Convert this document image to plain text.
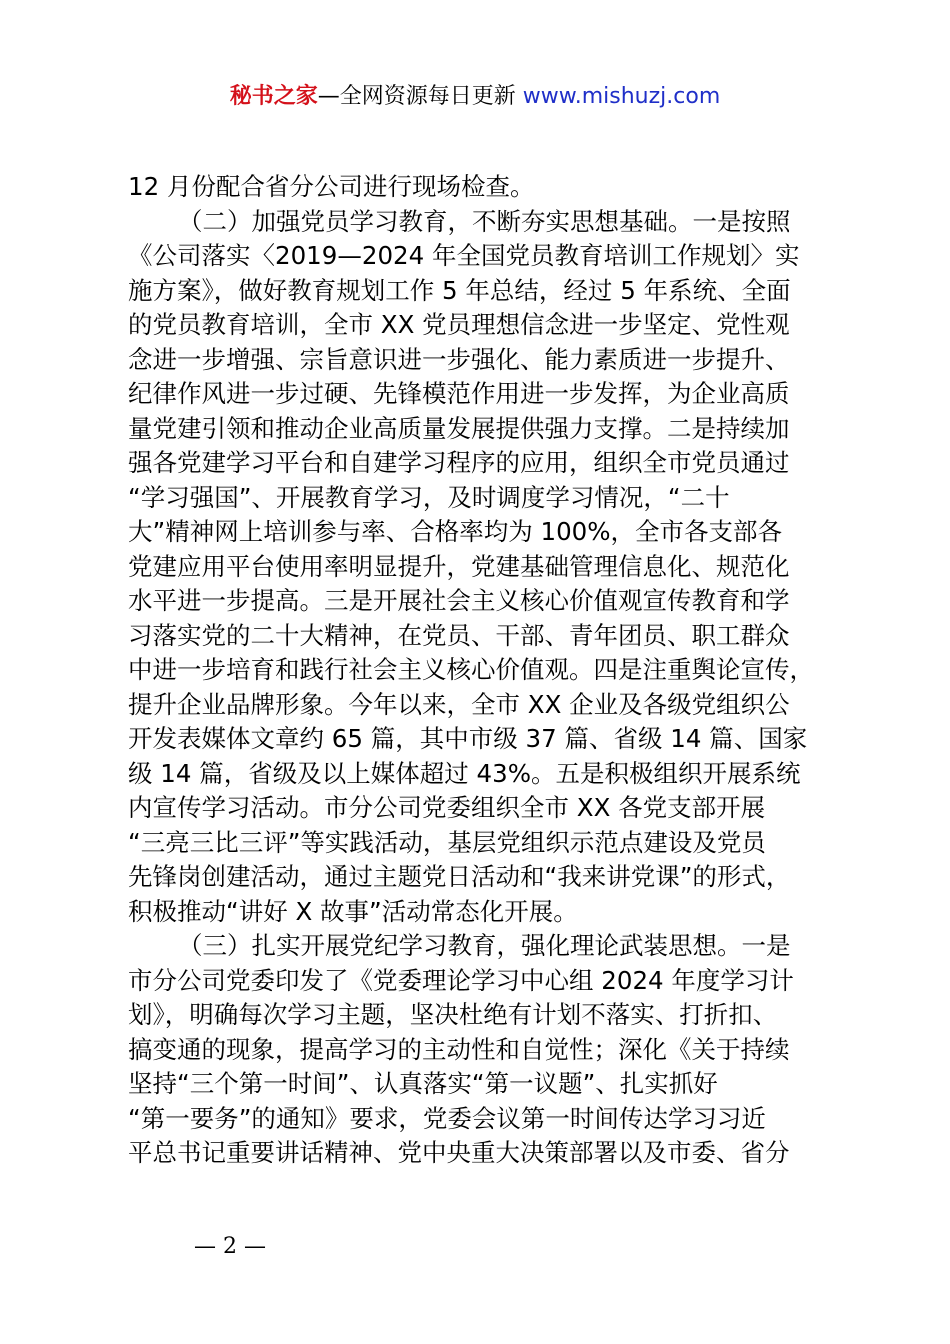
秘书之家—全网资源每日更新 www.mishuzj.com
12 月份配合省分公司进行现场检查。
（二）加强党员学习教育，不断夯实思想基础。一是按照
《公司落实〈2019—2024 年全国党员教育培训工作规划〉实
施方案》，做好教育规划工作 5 年总结，经过 5 年系统、全面
的党员教育培训，全市 XX 党员理想信念进一步坚定、党性观
念进一步增强、宗旨意识进一步强化、能力素质进一步提升、
纪律作风进一步过硬、先锋模范作用进一步发挥，为企业高质
量党建引领和推动企业高质量发展提供强力支撑。二是持续加
强各党建学习平台和自建学习程序的应用，组织全市党员通过
“学习强国”、开展教育学习，及时调度学习情况，“二十
大”精神网上培训参与率、合格率均为 100%，全市各支部各
党建应用平台使用率明显提升，党建基础管理信息化、规范化
水平进一步提高。三是开展社会主义核心价值观宣传教育和学
习落实党的二十大精神，在党员、干部、青年团员、职工群众
中进一步培育和践行社会主义核心价值观。四是注重舆论宣传，
提升企业品牌形象。今年以来，全市 XX 企业及各级党组织公
开发表媒体文章约 65 篇，其中市级 37 篇、省级 14 篇、国家
级 14 篇，省级及以上媒体超过 43%。五是积极组织开展系统
内宣传学习活动。市分公司党委组织全市 XX 各党支部开展
“三亮三比三评”等实践活动，基层党组织示范点建设及党员
先锋岗创建活动，通过主题党日活动和“我来讲党课”的形式，
积极推动“讲好 X 故事”活动常态化开展。
（三）扎实开展党纪学习教育，强化理论武装思想。一是
市分公司党委印发了《党委理论学习中心组 2024 年度学习计
划》，明确每次学习主题，坚决杜绝有计划不落实、打折扣、
搞变通的现象，提高学习的主动性和自觉性；深化《关于持续
坚持“三个第一时间”、认真落实“第一议题”、扎实抓好
“第一要务”的通知》要求，党委会议第一时间传达学习习近
平总书记重要讲话精神、党中央重大决策部署以及市委、省分
— 2 —
